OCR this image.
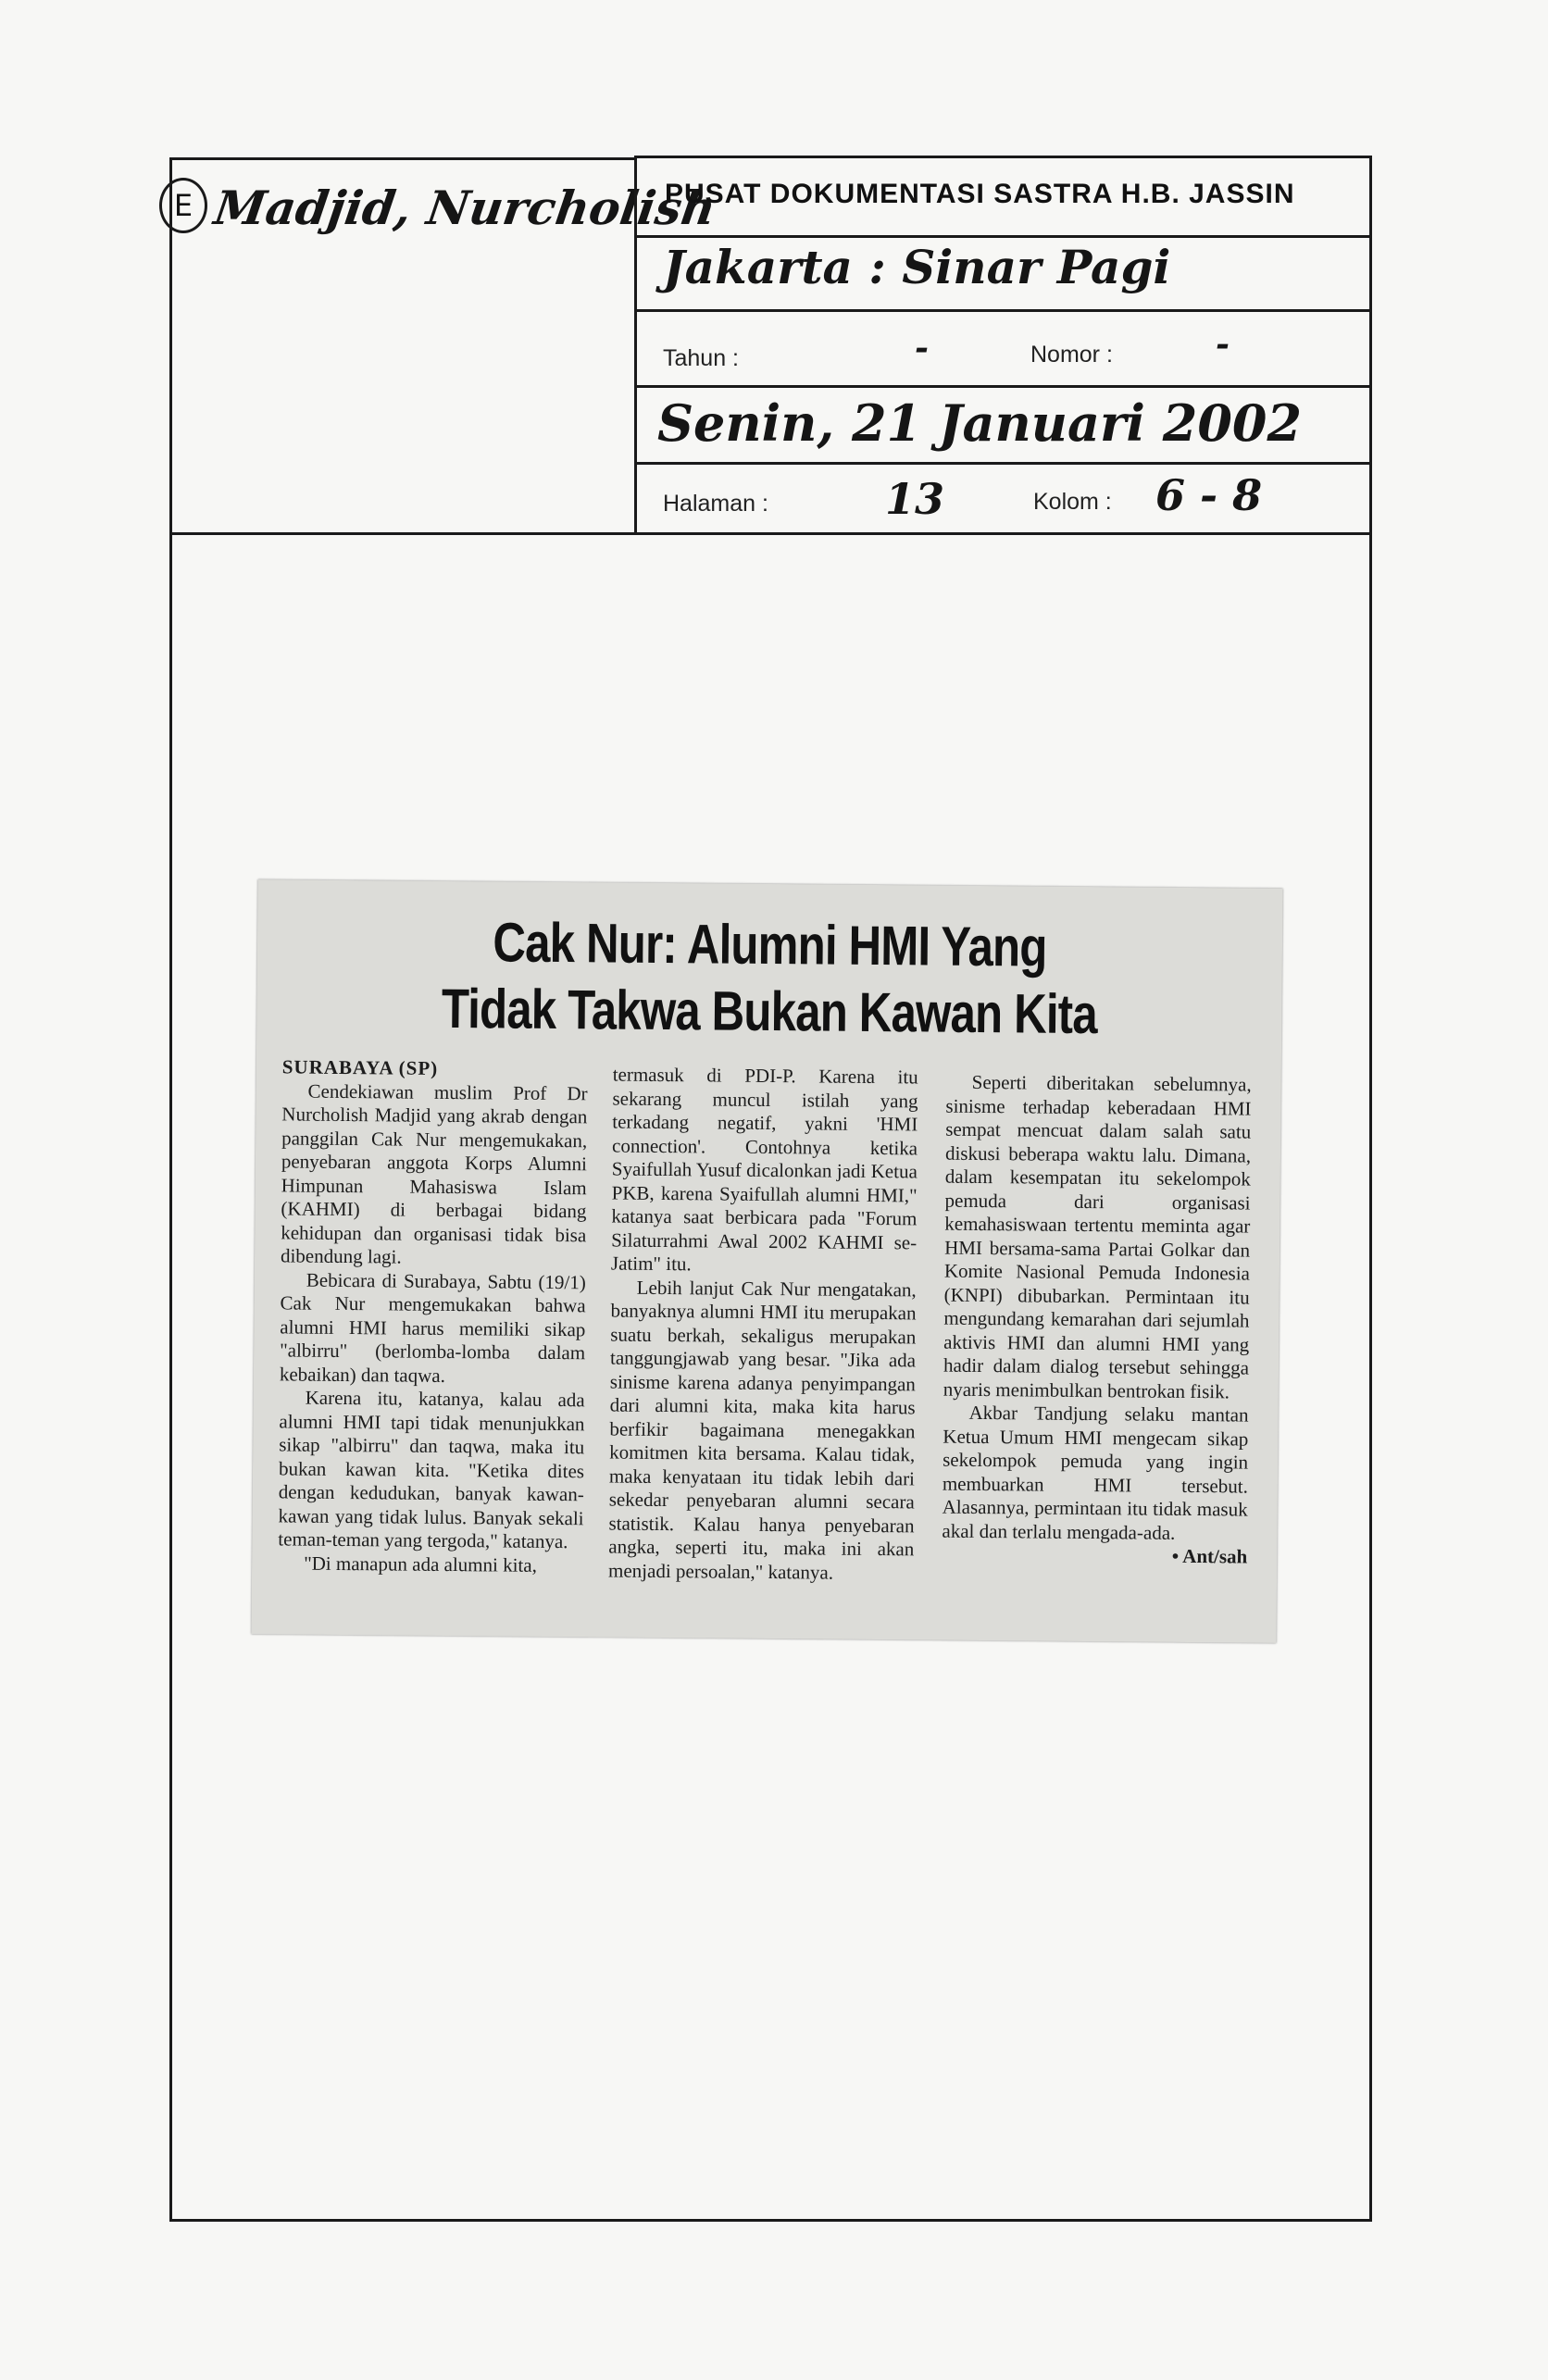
E Madjid, Nurcholish
PUSAT DOKUMENTASI SASTRA H.B. JASSIN
Jakarta : Sinar Pagi
Tahun :	-	Nomor :	-
Senin, 21 Januari 2002
Halaman :	13	Kolom : 6 - 8
Cak Nur: Alumni HMI Yang
Tidak Takwa Bukan Kawan Kita
SURABAYA (SP)

Cendekiawan muslim Prof Dr Nurcholish Madjid yang akrab dengan panggilan Cak Nur mengemukakan, penyebaran anggota Korps Alumni Himpunan Mahasiswa Islam (KAHMI) di berbagai bidang kehidupan dan organisasi tidak bisa dibendung lagi.

Bebicara di Surabaya, Sabtu (19/1) Cak Nur mengemukakan bahwa alumni HMI harus memiliki sikap "albirru" (berlomba-lomba dalam kebaikan) dan taqwa.

Karena itu, katanya, kalau ada alumni HMI tapi tidak menunjukkan sikap "albirru" dan taqwa, maka itu bukan kawan kita. "Ketika dites dengan kedudukan, banyak kawan-kawan yang tidak lulus. Banyak sekali teman-teman yang tergoda," katanya.

"Di manapun ada alumni kita,

termasuk di PDI-P. Karena itu sekarang muncul istilah yang terkadang negatif, yakni 'HMI connection'. Contohnya ketika Syaifullah Yusuf dicalonkan jadi Ketua PKB, karena Syaifullah alumni HMI," katanya saat berbicara pada "Forum Silaturrahmi Awal 2002 KAHMI se-Jatim" itu.

Lebih lanjut Cak Nur mengatakan, banyaknya alumni HMI itu merupakan suatu berkah, sekaligus merupakan tanggungjawab yang besar. "Jika ada sinisme karena adanya penyimpangan dari alumni kita, maka kita harus berfikir bagaimana menegakkan komitmen kita bersama. Kalau tidak, maka kenyataan itu tidak lebih dari sekedar penyebaran alumni secara statistik. Kalau hanya penyebaran angka, seperti itu, maka ini akan menjadi persoalan," katanya.

Seperti diberitakan sebelumnya, sinisme terhadap keberadaan HMI sempat mencuat dalam salah satu diskusi beberapa waktu lalu. Dimana, dalam kesempatan itu sekelompok pemuda dari organisasi kemahasiswaan tertentu meminta agar HMI bersama-sama Partai Golkar dan Komite Nasional Pemuda Indonesia (KNPI) dibubarkan. Permintaan itu mengundang kemarahan dari sejumlah aktivis HMI dan alumni HMI yang hadir dalam dialog tersebut sehingga nyaris menimbulkan bentrokan fisik.

Akbar Tandjung selaku mantan Ketua Umum HMI mengecam sikap sekelompok pemuda yang ingin membuarkan HMI tersebut. Alasannya, permintaan itu tidak masuk akal dan terlalu mengada-ada.

• Ant/sah
